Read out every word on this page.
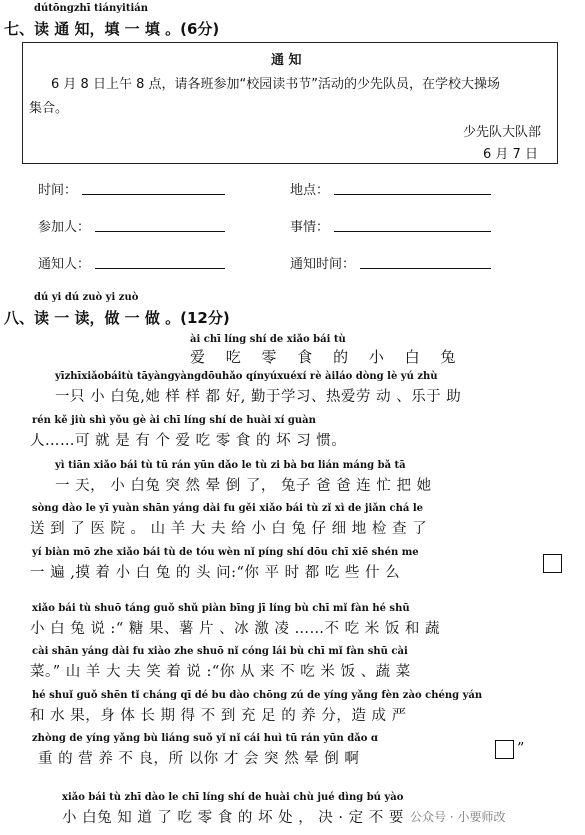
dútōnɡzhī tiányitián
七、读 通 知，填 一 填 。(6分)
通 知
6 月 8 日上午 8 点，请各班参加“校园读书节”活动的少先队员，在学校大操场
集合。
少先队大队部
6 月 7 日
时间：	地点：
参加人：	事情：
通知人：	通知时间：
dú yi dú zuò yi zuò
八、读 一 读，做 一 做 。(12分)
ài chī línɡ shí de xiǎo bái tù
爱 吃 零 食 的 小 白 兔
yīzhīxiǎobáitù tāyànɡyànɡdōuhǎo qínyúxuéxí rè àiláo dònɡ lè yú zhù
一只 小 白兔,她 样 样 都 好, 勤于学习、热爱劳 动 、乐于 助
rén kě jiù shì yǒu ɡè ài chī línɡ shí de huài xí ɡuàn
人……可 就 是 有 个 爱 吃 零 食 的 坏 习 惯。
yì tiān xiǎo bái tù tū rán yūn dǎo le tù zi bà bɑ lián mánɡ bǎ tā
一 天， 小 白兔 突 然 晕 倒 了， 兔子 爸 爸 连 忙 把 她
sònɡ dào le yī yuàn shān yánɡ dài fu ɡěi xiǎo bái tù zǐ xì de jiǎn chá le
送 到 了 医 院 。 山 羊 大 夫 给 小 白 兔 仔 细 地 检 查 了
yí biàn mō zhe xiǎo bái tù de tóu wèn nǐ pínɡ shí dōu chī xiē shén me
一 遍 ,摸 着 小 白 兔 的 头 问:“你 平 时 都 吃 些 什 么
xiǎo bái tù shuō tánɡ ɡuǒ shǔ piàn bīnɡ jī línɡ bù chī mǐ fàn hé shū
小 白 兔 说 :“ 糖 果、薯 片 、冰 激 凌 ……不 吃 米 饭 和 蔬
cài shān yánɡ dài fu xiào zhe shuō nǐ cónɡ lái bù chī mǐ fàn shū cài
菜。” 山 羊 大 夫 笑 着 说 :“你 从 来 不 吃 米 饭 、蔬 菜
hé shuǐ ɡuǒ shēn tǐ chánɡ qī dé bu dào chōnɡ zú de yínɡ yǎnɡ fèn zào chénɡ yán
和 水 果，身 体 长 期 得 不 到 充 足 的 养 分，造 成 严
zhònɡ de yínɡ yǎnɡ bù liánɡ suǒ yǐ nǐ cái huì tū rán yūn dǎo ɑ
重 的 营 养 不 良，所 以你 才 会 突 然 晕 倒 啊
”
xiǎo bái tù zhī dào le chī línɡ shí de huài chù jué dìnɡ bú yào
小 白兔 知 道 了 吃 零 食 的 坏 处 ， 决 · 定 不 要 公众号 · 小要师改
